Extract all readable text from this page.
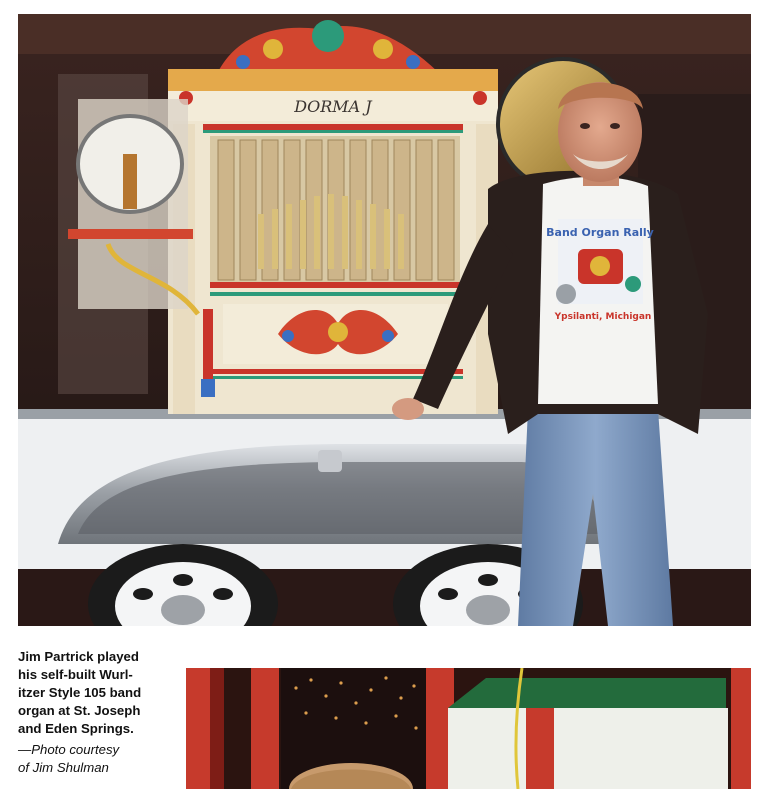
DORMA J
Band Organ Rally
Ypsilanti, Michigan
Jim Partrick played
his self-built Wurl-
itzer Style 105 band
organ at St. Joseph
and Eden Springs.
—Photo courtesy
of Jim Shulman
